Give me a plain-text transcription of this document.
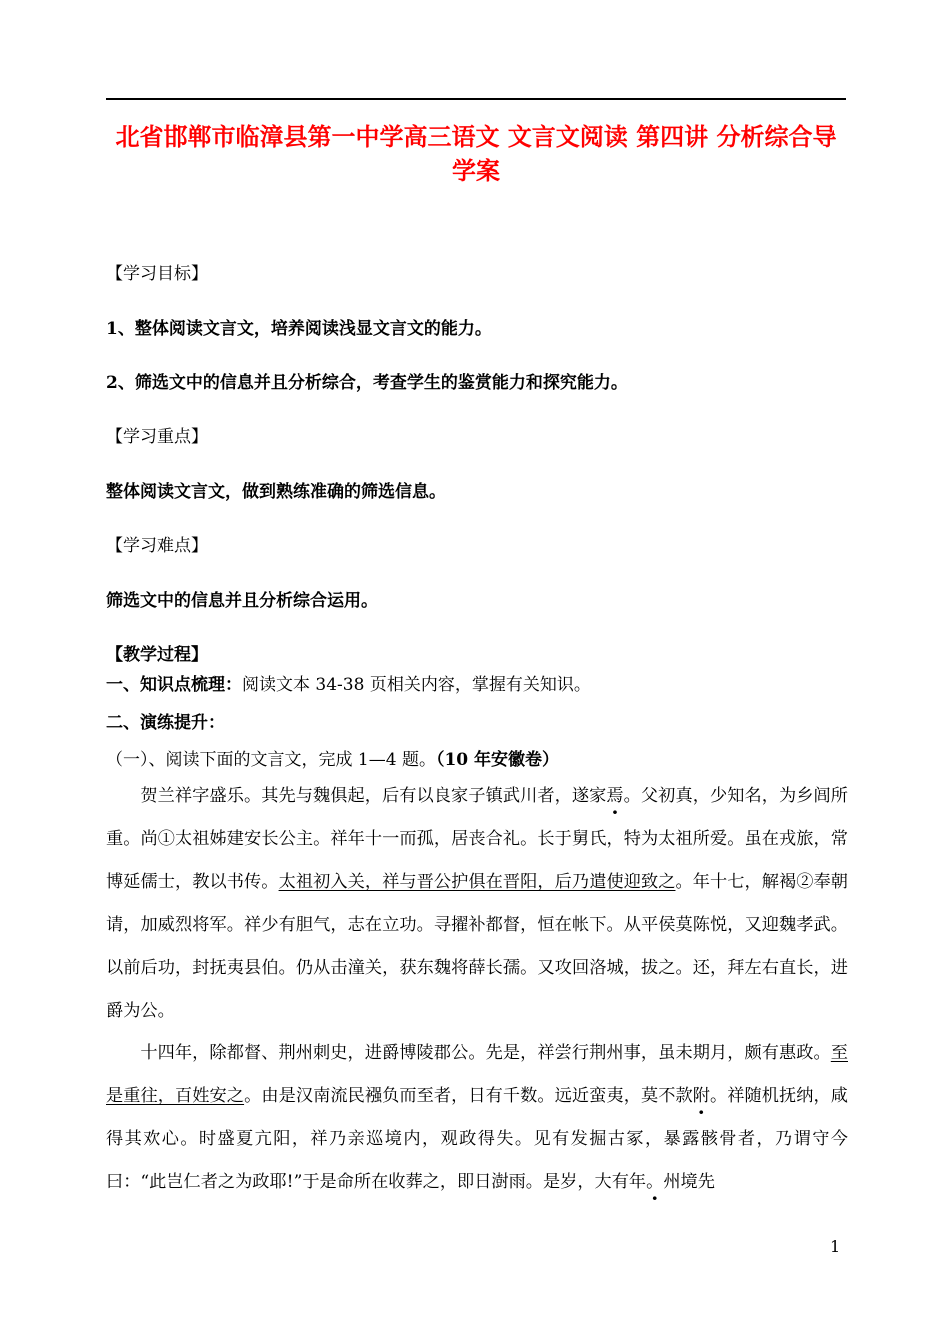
北省邯郸市临漳县第一中学高三语文 文言文阅读 第四讲 分析综合导学案
【学习目标】
1、整体阅读文言文，培养阅读浅显文言文的能力。
2、筛选文中的信息并且分析综合，考查学生的鉴赏能力和探究能力。
【学习重点】
整体阅读文言文，做到熟练准确的筛选信息。
【学习难点】
筛选文中的信息并且分析综合运用。
【教学过程】
一、知识点梳理：阅读文本 34-38 页相关内容，掌握有关知识。
二、演练提升：
（一）、阅读下面的文言文，完成 1—4 题。（10 年安徽卷）
贺兰祥字盛乐。其先与魏俱起，后有以良家子镇武川者，遂家焉。父初真，少知名，为乡闾所重。尚①太祖姊建安长公主。祥年十一而孤，居丧合礼。长于舅氏，特为太祖所爱。虽在戎旅，常博延儒士，教以书传。太祖初入关，祥与晋公护俱在晋阳，后乃遣使迎致之。年十七，解褐②奉朝请，加威烈将军。祥少有胆气，志在立功。寻擢补都督，恒在帐下。从平侯莫陈悦，又迎魏孝武。以前后功，封抚夷县伯。仍从击潼关，获东魏将薛长孺。又攻回洛城，拔之。还，拜左右直长，进爵为公。
十四年，除都督、荆州刺史，进爵博陵郡公。先是，祥尝行荆州事，虽未期月，颇有惠政。至是重往，百姓安之。由是汉南流民襁负而至者，日有千数。远近蛮夷，莫不款附。祥随机抚纳，咸得其欢心。时盛夏亢阳，祥乃亲巡境内，观政得失。见有发掘古冢，暴露骸骨者，乃谓守今曰：“此岂仁者之为政耶!”于是命所在收葬之，即日澍雨。是岁，大有年。州境先
1
